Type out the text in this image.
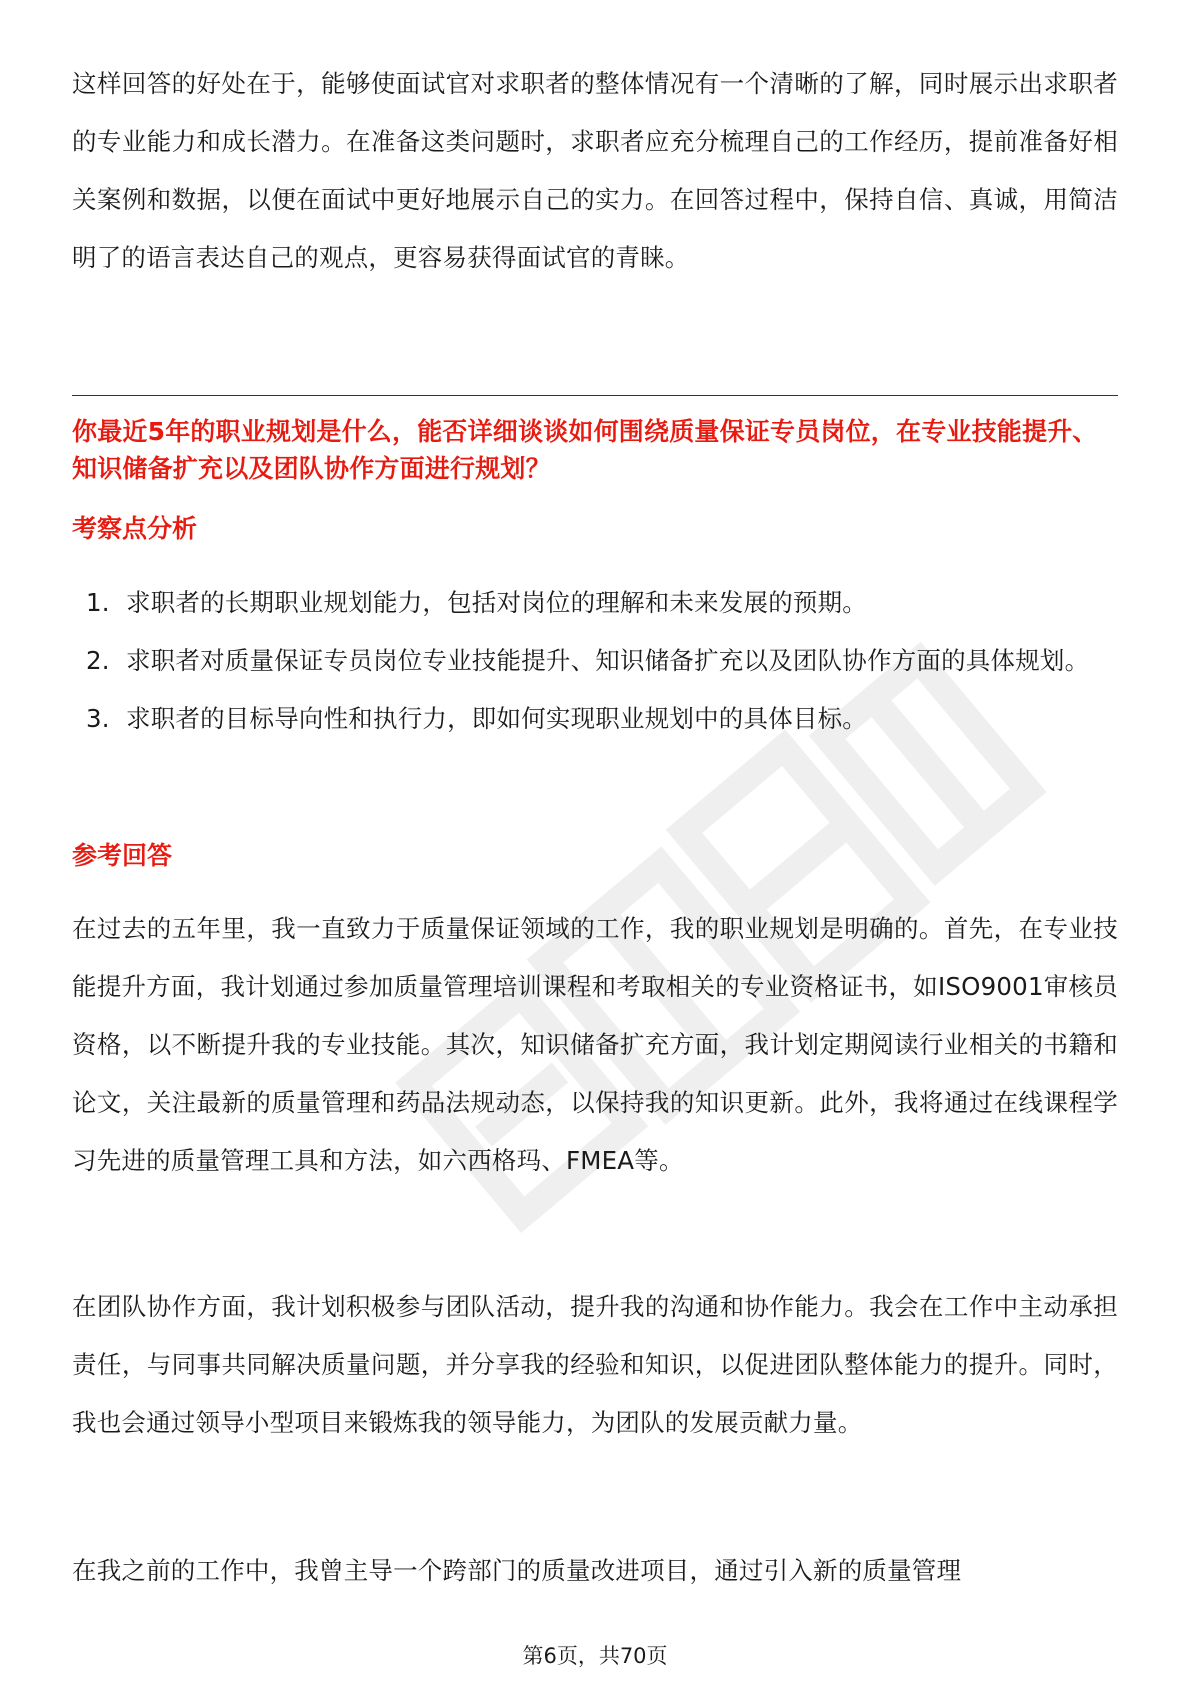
这样回答的好处在于，能够使面试官对求职者的整体情况有一个清晰的了解，同时展示出求职者的专业能力和成长潜力。在准备这类问题时，求职者应充分梳理自己的工作经历，提前准备好相关案例和数据，以便在面试中更好地展示自己的实力。在回答过程中，保持自信、真诚，用简洁明了的语言表达自己的观点，更容易获得面试官的青睐。

你最近5年的职业规划是什么，能否详细谈谈如何围绕质量保证专员岗位，在专业技能提升、知识储备扩充以及团队协作方面进行规划？

考察点分析
1. 求职者的长期职业规划能力，包括对岗位的理解和未来发展的预期。
2. 求职者对质量保证专员岗位专业技能提升、知识储备扩充以及团队协作方面的具体规划。
3. 求职者的目标导向性和执行力，即如何实现职业规划中的具体目标。
参考回答

在过去的五年里，我一直致力于质量保证领域的工作，我的职业规划是明确的。首先，在专业技能提升方面，我计划通过参加质量管理培训课程和考取相关的专业资格证书，如ISO9001审核员资格，以不断提升我的专业技能。其次，知识储备扩充方面，我计划定期阅读行业相关的书籍和论文，关注最新的质量管理和药品法规动态，以保持我的知识更新。此外，我将通过在线课程学习先进的质量管理工具和方法，如六西格玛、FMEA等。

在团队协作方面，我计划积极参与团队活动，提升我的沟通和协作能力。我会在工作中主动承担责任，与同事共同解决质量问题，并分享我的经验和知识，以促进团队整体能力的提升。同时，我也会通过领导小型项目来锻炼我的领导能力，为团队的发展贡献力量。

在我之前的工作中，我曾主导一个跨部门的质量改进项目，通过引入新的质量管理

第6页，共70页
